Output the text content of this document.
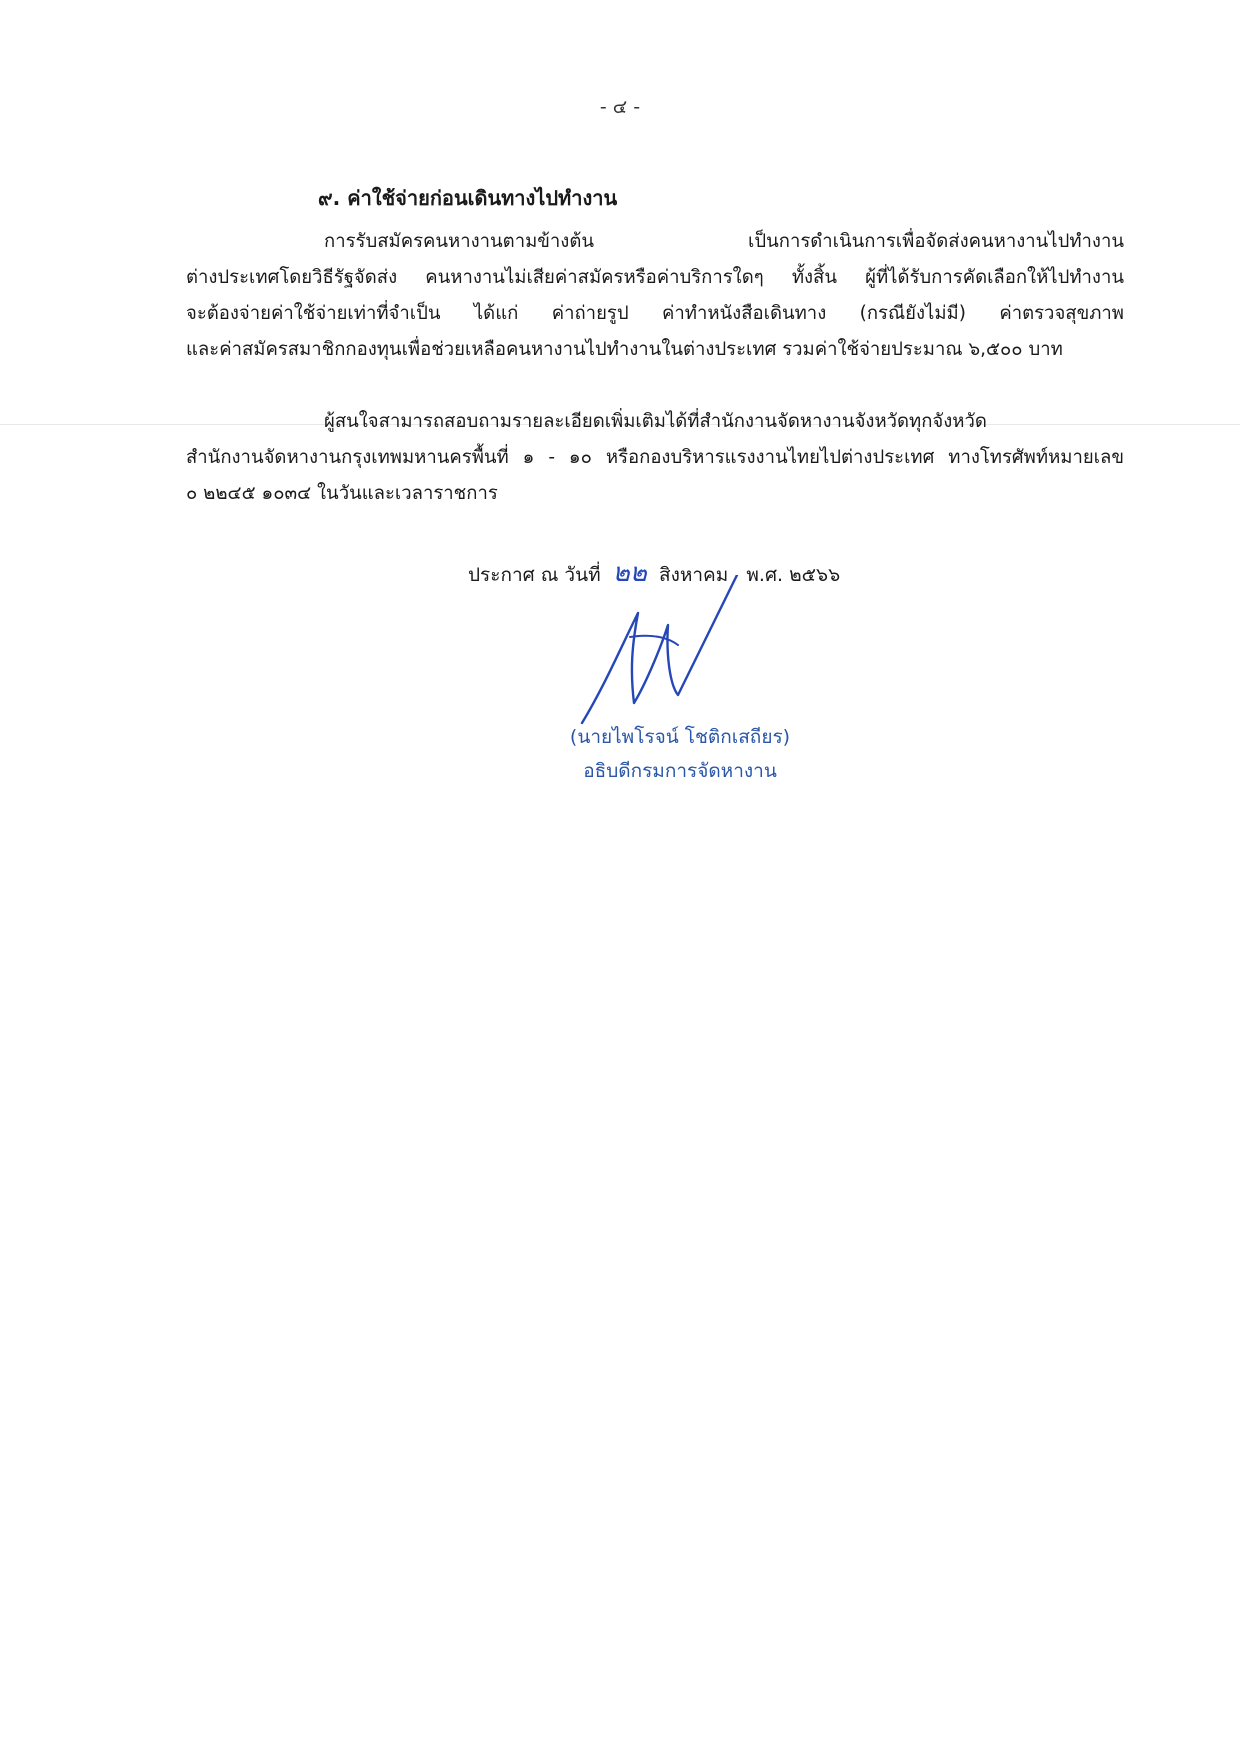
- ๔ -
๙. ค่าใช้จ่ายก่อนเดินทางไปทำงาน
การรับสมัครคนหางานตามข้างต้น เป็นการดำเนินการเพื่อจัดส่งคนหางานไปทำงาน
ต่างประเทศโดยวิธีรัฐจัดส่ง คนหางานไม่เสียค่าสมัครหรือค่าบริการใดๆ ทั้งสิ้น ผู้ที่ได้รับการคัดเลือกให้ไปทำงาน
จะต้องจ่ายค่าใช้จ่ายเท่าที่จำเป็น ได้แก่ ค่าถ่ายรูป ค่าทำหนังสือเดินทาง (กรณียังไม่มี) ค่าตรวจสุขภาพ
และค่าสมัครสมาชิกกองทุนเพื่อช่วยเหลือคนหางานไปทำงานในต่างประเทศ รวมค่าใช้จ่ายประมาณ ๖,๕๐๐ บาท
ผู้สนใจสามารถสอบถามรายละเอียดเพิ่มเติมได้ที่สำนักงานจัดหางานจังหวัดทุกจังหวัด
สำนักงานจัดหางานกรุงเทพมหานครพื้นที่ ๑ - ๑๐ หรือกองบริหารแรงงานไทยไปต่างประเทศ ทางโทรศัพท์หมายเลข
๐ ๒๒๔๕ ๑๐๓๔ ในวันและเวลาราชการ
ประกาศ ณ วันที่ ๒๒ สิงหาคม พ.ศ. ๒๕๖๖
(นายไพโรจน์ โชติกเสถียร)
อธิบดีกรมการจัดหางาน
